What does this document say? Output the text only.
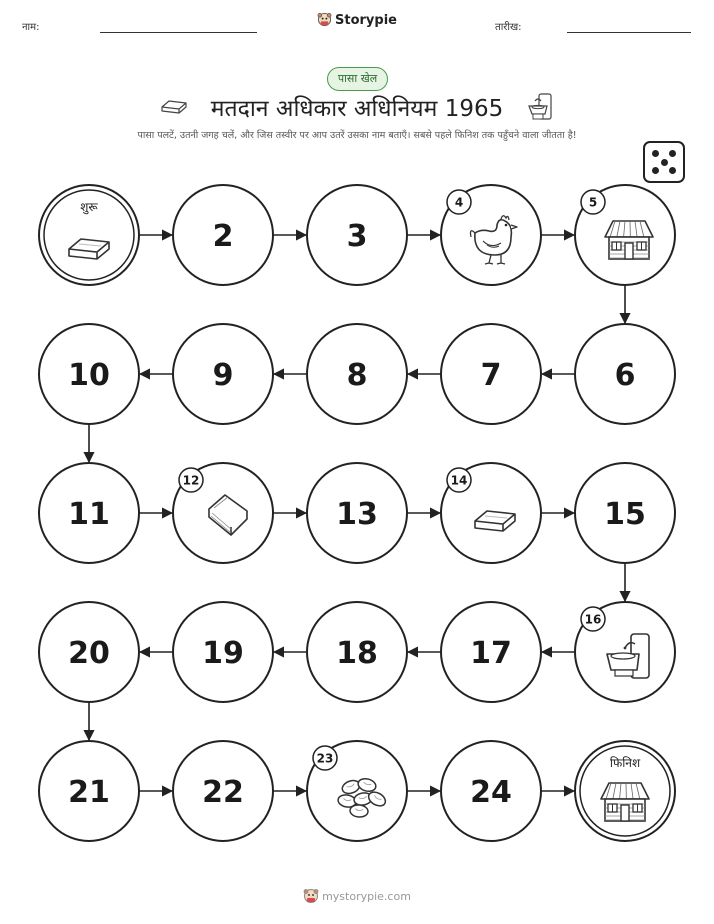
नाम:	Storypie	तारीख:
पासा खेल
मतदान अधिकार अधिनियम 1965
पासा पलटें, उतनी जगह चलें, और जिस तस्वीर पर आप उतरें उसका नाम बताएँ। सबसे पहले फिनिश तक पहुँचने वाला जीतता है!
शुरू
2	3
4	5
6
7
8
9
10
11
12
13
14
15
16
17
18
19
20
21	22
23
24
फिनिश
mystorypie.com
